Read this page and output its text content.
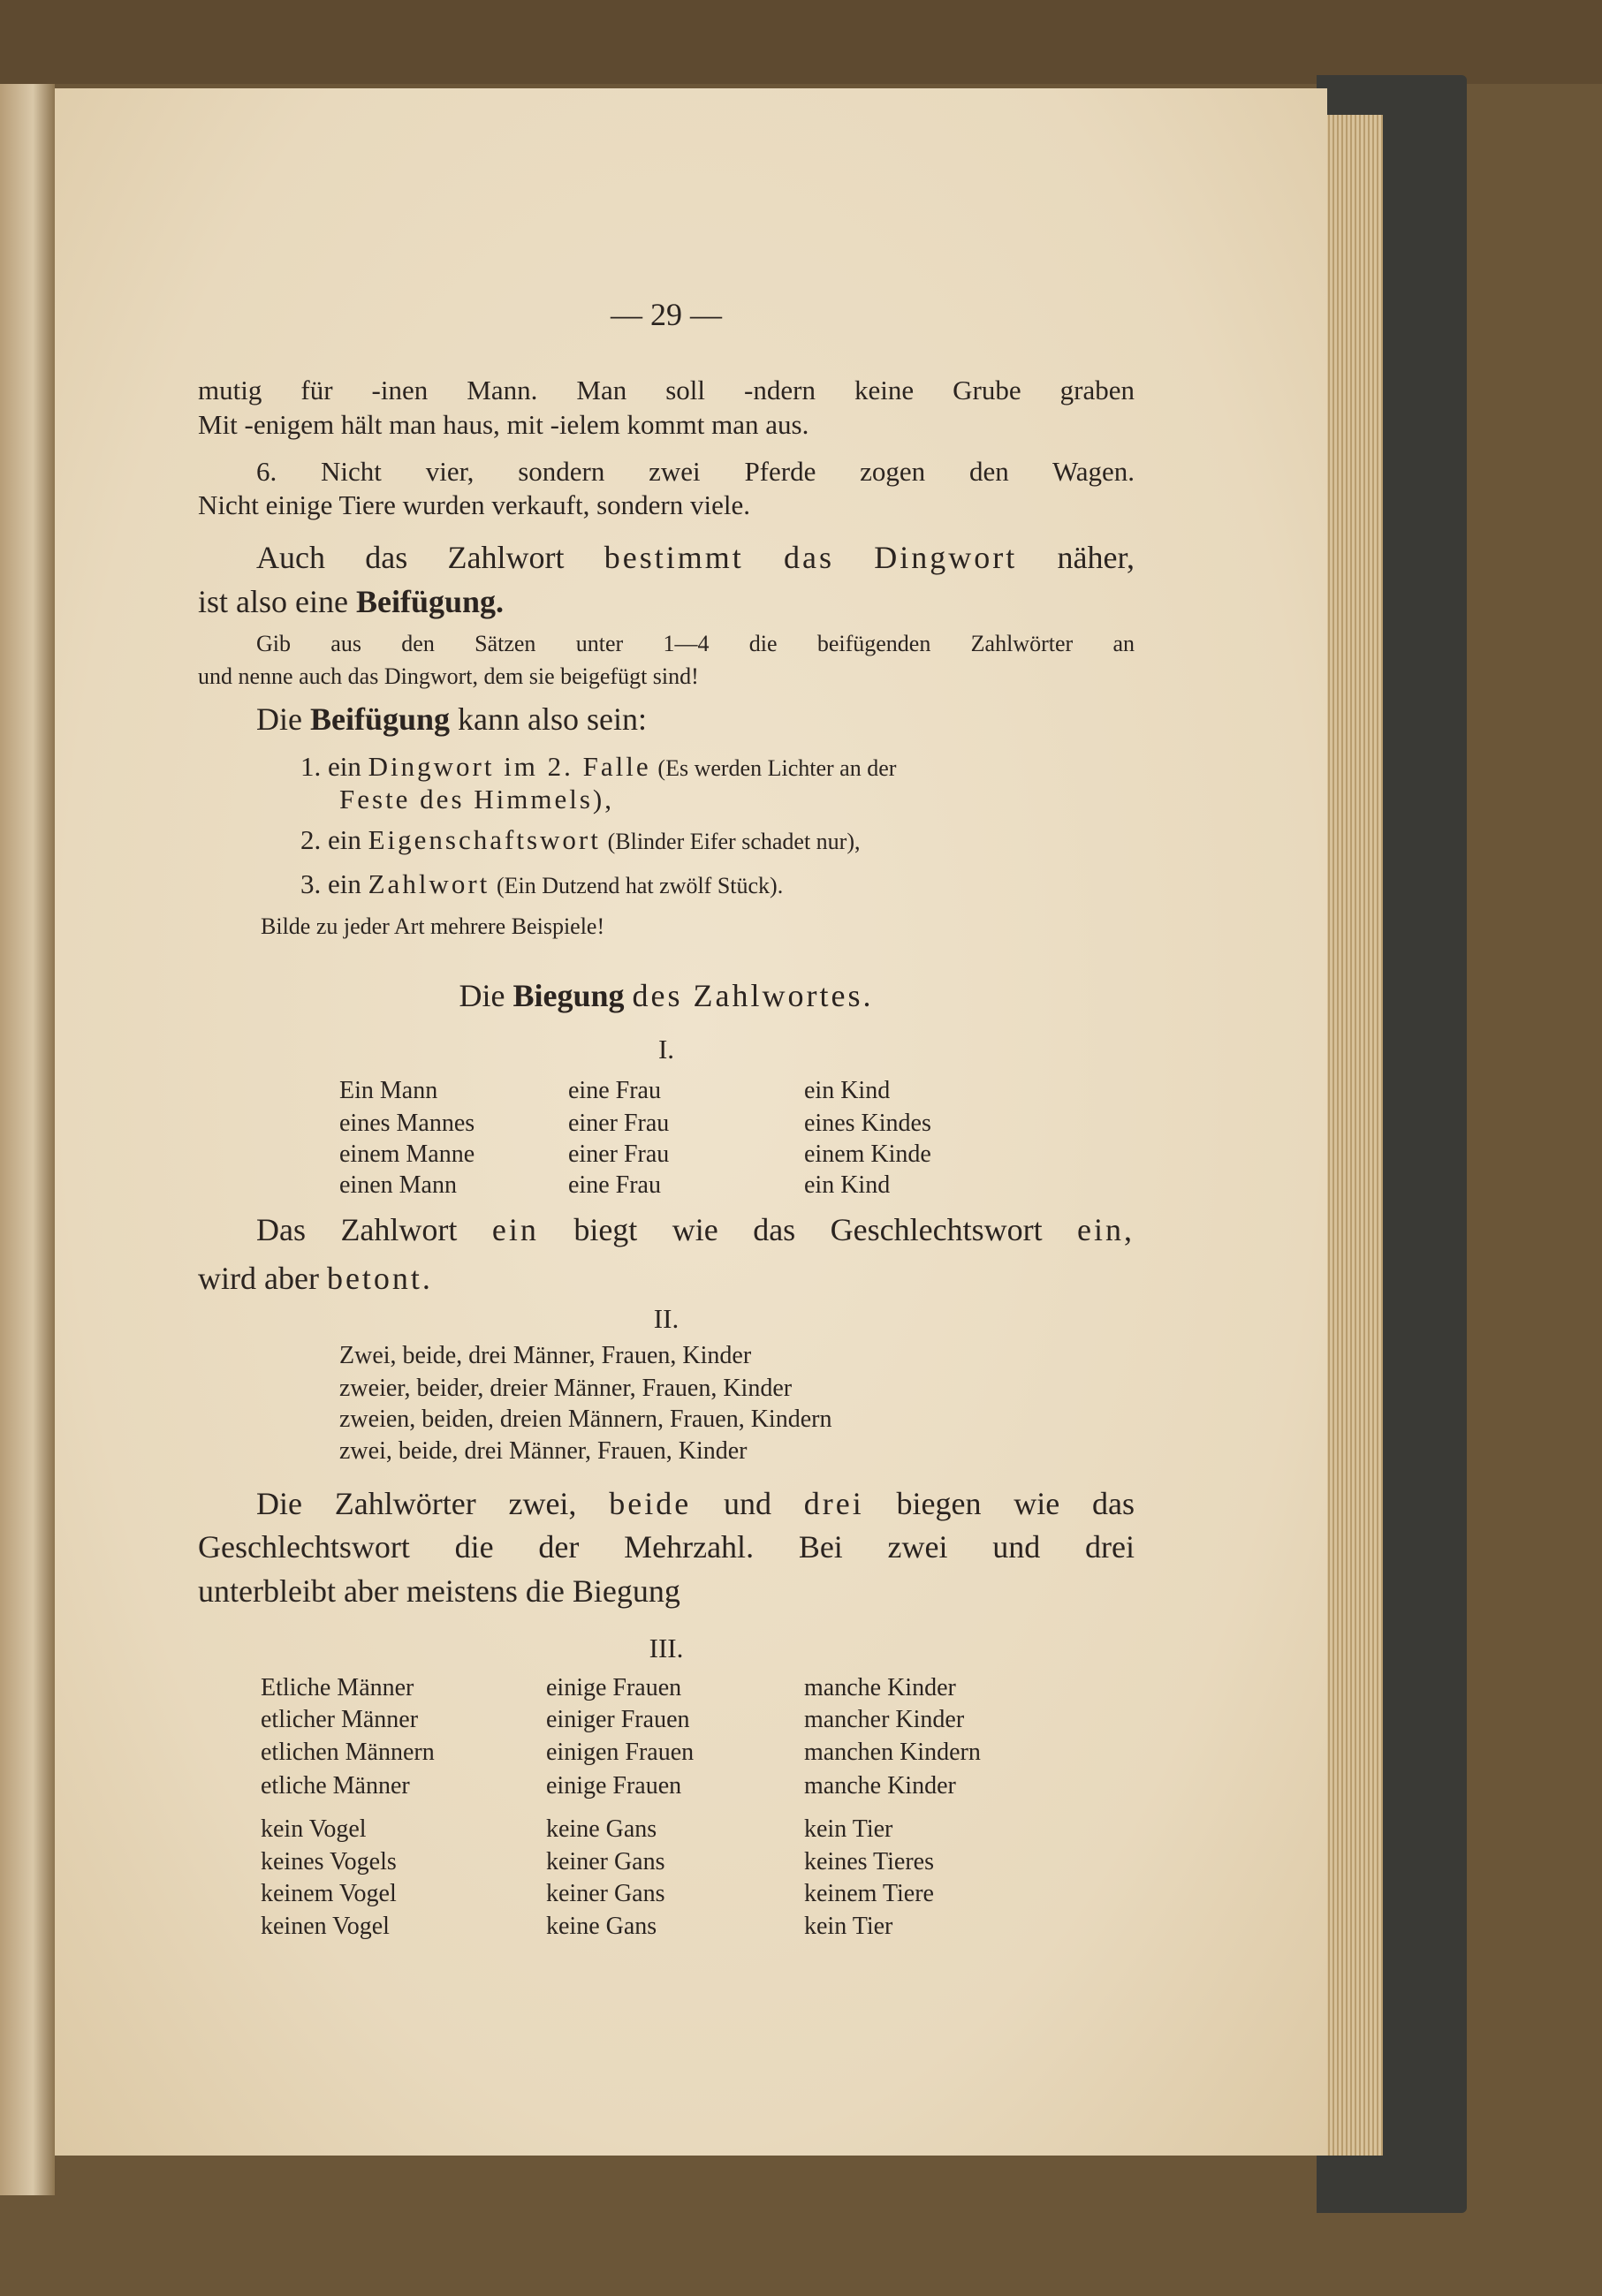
— 29 —
mutig für -inen Mann. Man soll -ndern keine Grube graben
Mit -enigem hält man haus, mit -ielem kommt man aus.
6. Nicht vier, sondern zwei Pferde zogen den Wagen.
Nicht einige Tiere wurden verkauft, sondern viele.
Auch das Zahlwort bestimmt das Dingwort näher,
ist also eine Beifügung.
Gib aus den Sätzen unter 1—4 die beifügenden Zahlwörter an
und nenne auch das Dingwort, dem sie beigefügt sind!
Die Beifügung kann also sein:
1. ein Dingwort im 2. Falle (Es werden Lichter an der
Feste des Himmels),
2. ein Eigenschaftswort (Blinder Eifer schadet nur),
3. ein Zahlwort (Ein Dutzend hat zwölf Stück).
Bilde zu jeder Art mehrere Beispiele!
Die Biegung des Zahlwortes.
I.
Ein Mann	eine Frau	ein Kind
eines Mannes	einer Frau	eines Kindes
einem Manne	einer Frau	einem Kinde
einen Mann	eine Frau	ein Kind
Das Zahlwort ein biegt wie das Geschlechtswort ein,
wird aber betont.
II.
Zwei, beide, drei Männer, Frauen, Kinder
zweier, beider, dreier Männer, Frauen, Kinder
zweien, beiden, dreien Männern, Frauen, Kindern
zwei, beide, drei Männer, Frauen, Kinder
Die Zahlwörter zwei, beide und drei biegen wie das
Geschlechtswort die der Mehrzahl. Bei zwei und drei
unterbleibt aber meistens die Biegung
III.
Etliche Männer	einige Frauen	manche Kinder
etlicher Männer	einiger Frauen	mancher Kinder
etlichen Männern	einigen Frauen	manchen Kindern
etliche Männer	einige Frauen	manche Kinder
kein Vogel	keine Gans	kein Tier
keines Vogels	keiner Gans	keines Tieres
keinem Vogel	keiner Gans	keinem Tiere
keinen Vogel	keine Gans	kein Tier
